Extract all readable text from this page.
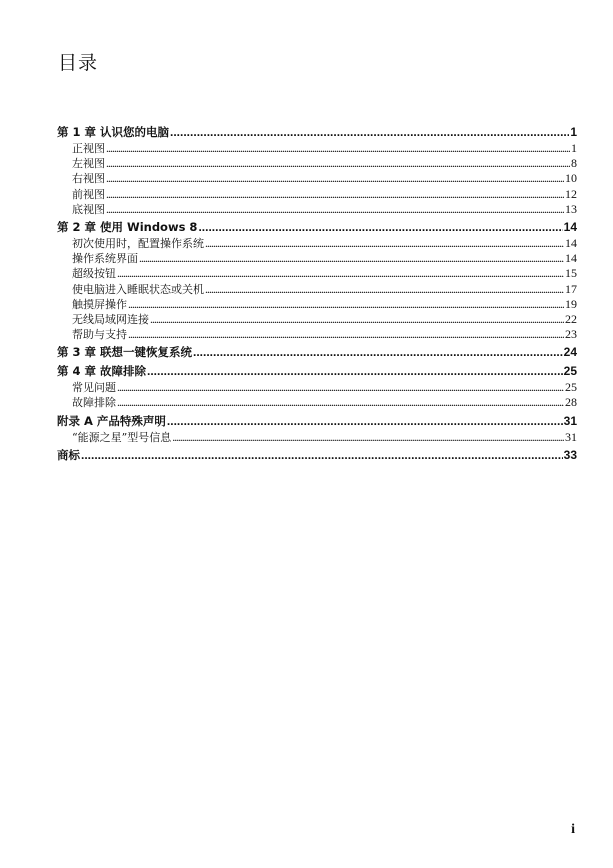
目录
第 1 章 认识您的电脑 .....	1
正视图 .....	1
左视图 .....	8
右视图 .....	10
前视图 .....	12
底视图 .....	13
第 2 章 使用 Windows 8 .....	14
初次使用时，配置操作系统 .....	14
操作系统界面 .....	14
超级按钮 .....	15
使电脑进入睡眠状态或关机 .....	17
触摸屏操作 .....	19
无线局域网连接 .....	22
帮助与支持 .....	23
第 3 章 联想一键恢复系统 .....	24
第 4 章 故障排除 .....	25
常见问题 .....	25
故障排除 .....	28
附录 A 产品特殊声明 .....	31
“能源之星”型号信息 .....	31
商标 .....	33
i
